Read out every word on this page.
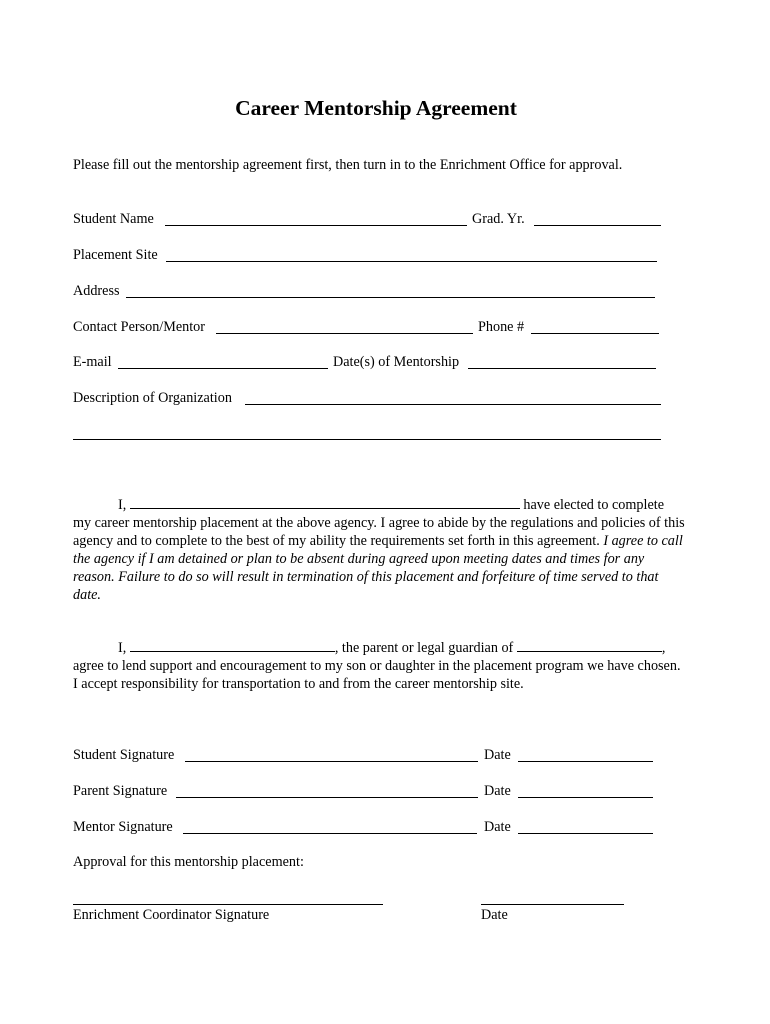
Career Mentorship Agreement
Please fill out the mentorship agreement first, then turn in to the Enrichment Office for approval.
Student Name	Grad. Yr.
Placement Site
Address
Contact Person/Mentor	Phone #
E-mail	Date(s) of Mentorship
Description of Organization
I,	have elected to complete my career mentorship placement at the above agency. I agree to abide by the regulations and policies of this agency and to complete to the best of my ability the requirements set forth in this agreement. I agree to call the agency if I am detained or plan to be absent during agreed upon meeting dates and times for any reason. Failure to do so will result in termination of this placement and forfeiture of time served to that date.
I,	, the parent or legal guardian of	, agree to lend support and encouragement to my son or daughter in the placement program we have chosen. I accept responsibility for transportation to and from the career mentorship site.
Student Signature	Date
Parent Signature	Date
Mentor Signature	Date
Approval for this mentorship placement:
Enrichment Coordinator Signature	Date
